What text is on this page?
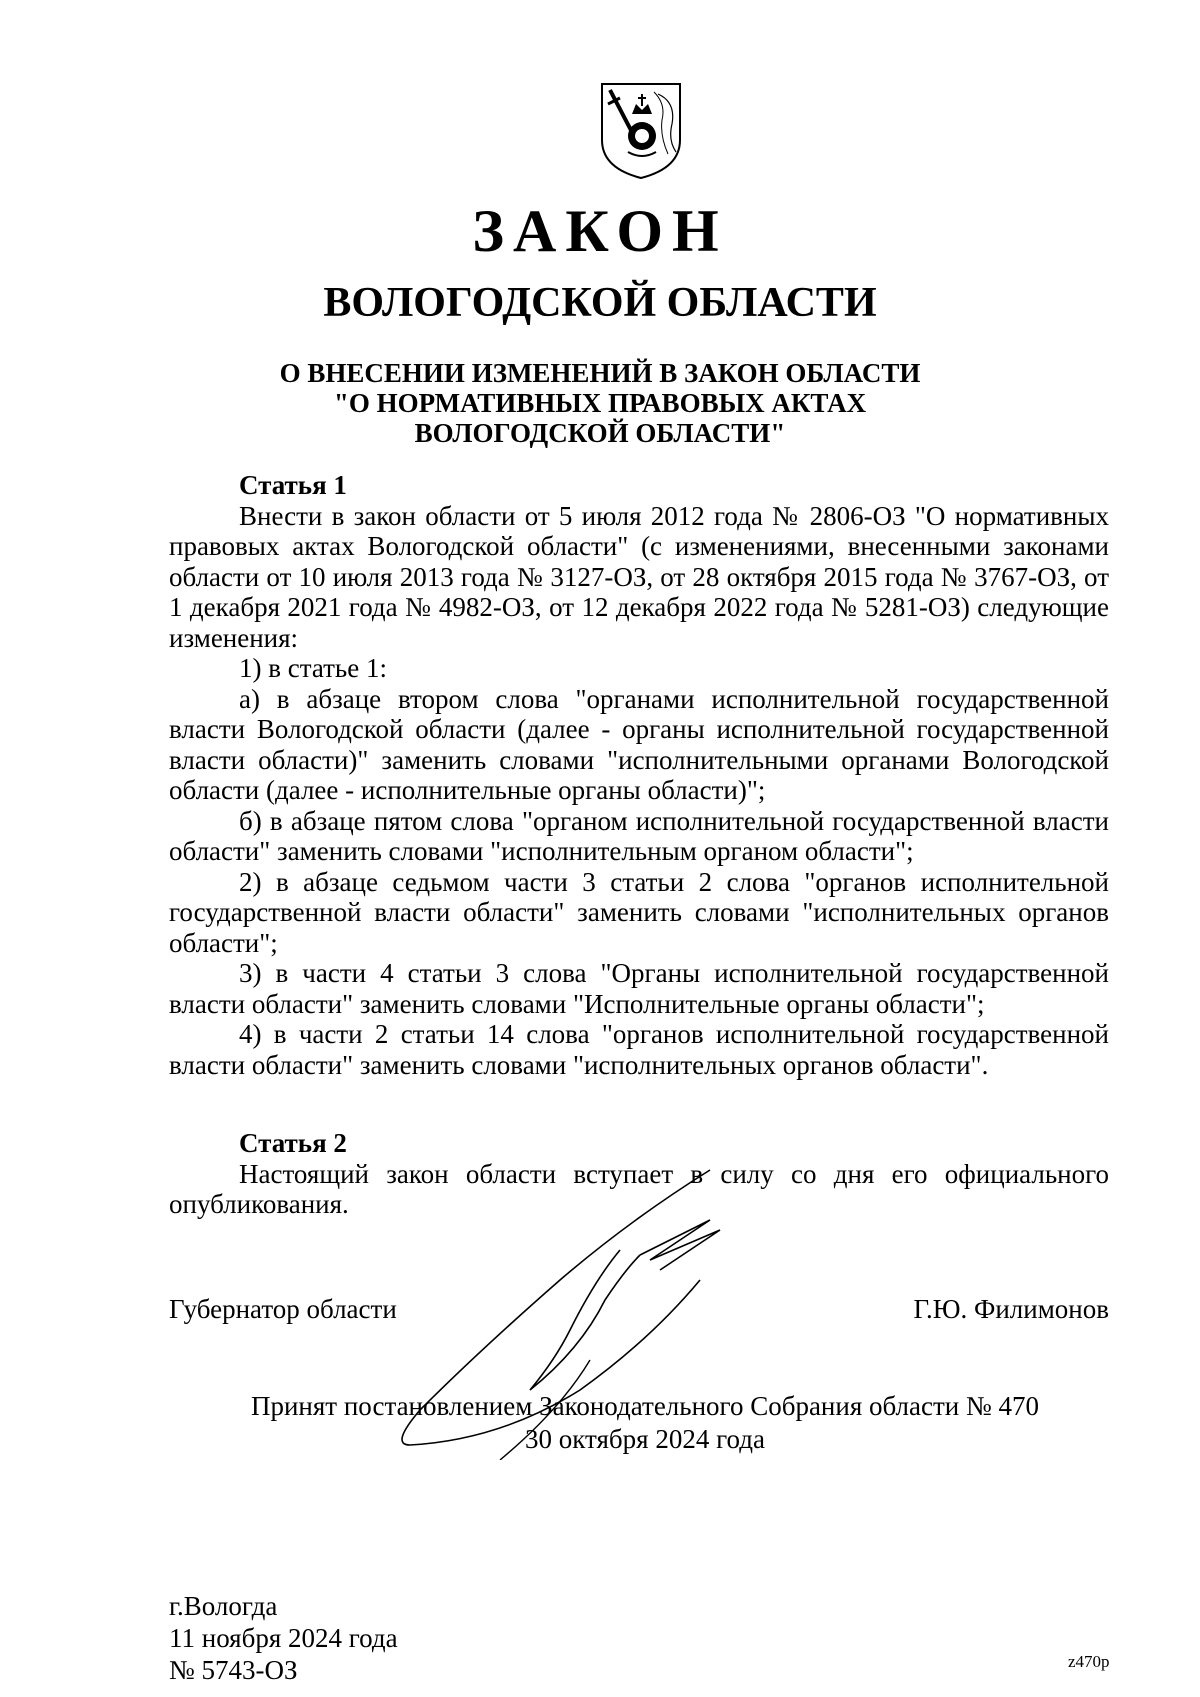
ЗАКОН
ВОЛОГОДСКОЙ ОБЛАСТИ
О ВНЕСЕНИИ ИЗМЕНЕНИЙ В ЗАКОН ОБЛАСТИ
"О НОРМАТИВНЫХ ПРАВОВЫХ АКТАХ
ВОЛОГОДСКОЙ ОБЛАСТИ"
Статья 1
Внести в закон области от 5 июля 2012 года № 2806-ОЗ "О нормативных правовых актах Вологодской области" (с изменениями, внесенными законами области от 10 июля 2013 года № 3127-ОЗ, от 28 октября 2015 года № 3767-ОЗ, от 1 декабря 2021 года № 4982-ОЗ, от 12 декабря 2022 года № 5281-ОЗ) следующие изменения:
1) в статье 1:
а) в абзаце втором слова "органами исполнительной государственной власти Вологодской области (далее - органы исполнительной государственной власти области)" заменить словами "исполнительными органами Вологодской области (далее - исполнительные органы области)";
б) в абзаце пятом слова "органом исполнительной государственной власти области" заменить словами "исполнительным органом области";
2) в абзаце седьмом части 3 статьи 2 слова "органов исполнительной государственной власти области" заменить словами "исполнительных органов области";
3) в части 4 статьи 3 слова "Органы исполнительной государственной власти области" заменить словами "Исполнительные органы области";
4) в части 2 статьи 14 слова "органов исполнительной государственной власти области" заменить словами "исполнительных органов области".
Статья 2
Настоящий закон области вступает в силу со дня его официального опубликования.
Губернатор области	Г.Ю. Филимонов
Принят постановлением Законодательного Собрания области № 470
30 октября 2024 года
г.Вологда
11 ноября 2024 года
№ 5743-ОЗ	z470p
